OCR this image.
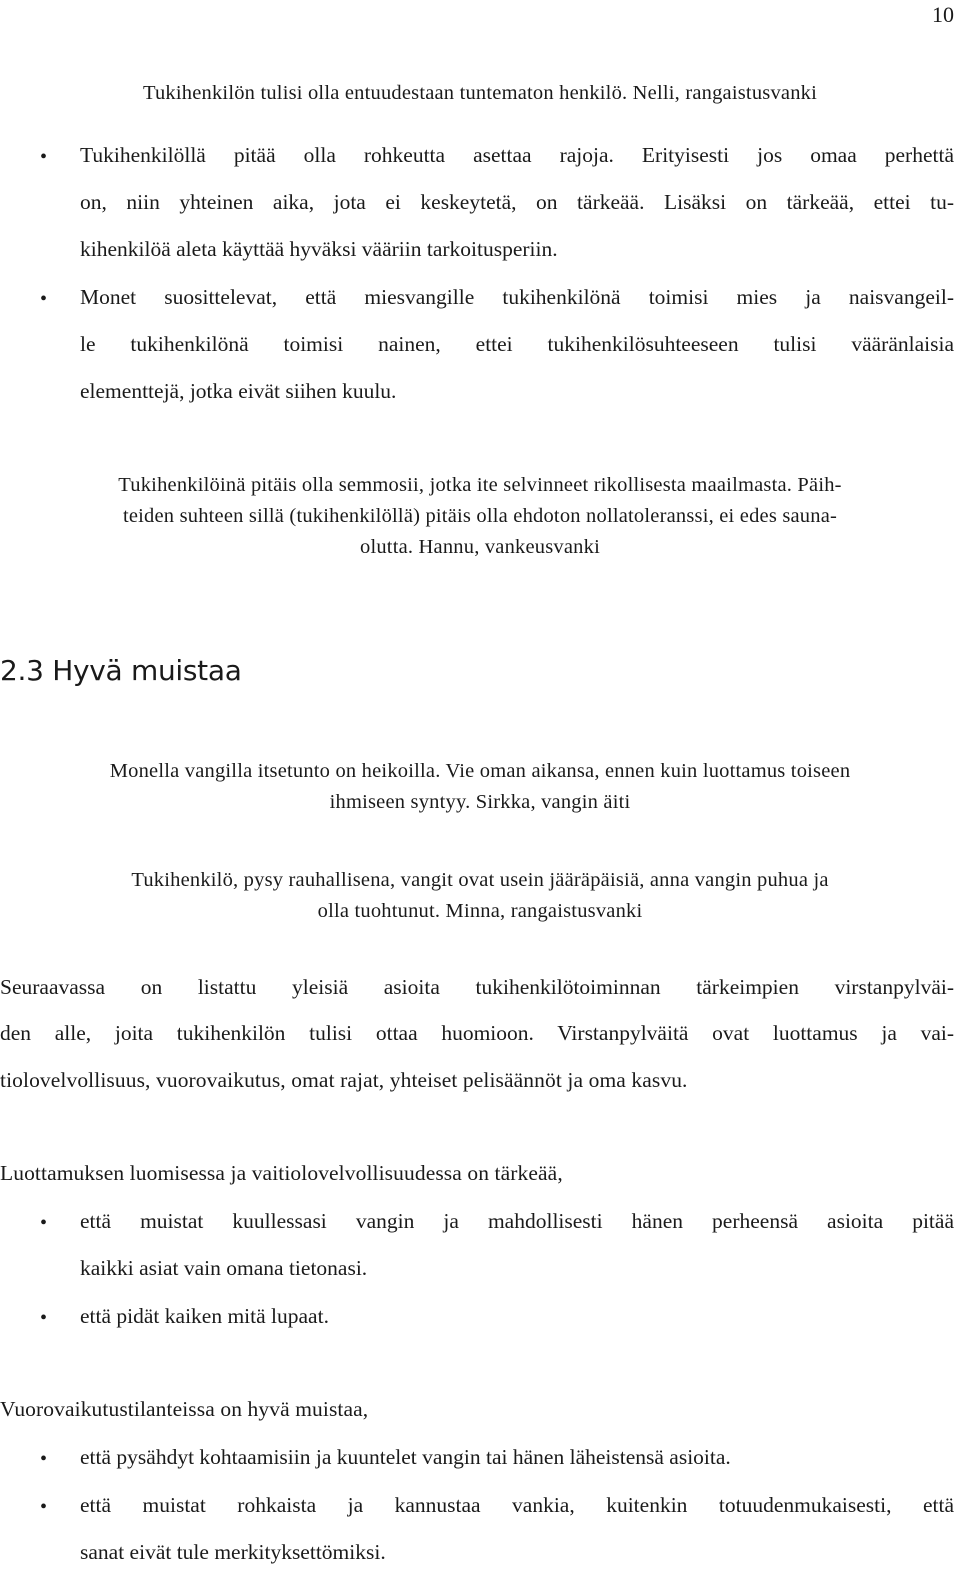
10
Tukihenkilön tulisi olla entuudestaan tuntematon henkilö. Nelli, rangaistusvanki
• Tukihenkilöllä pitää olla rohkeutta asettaa rajoja. Erityisesti jos omaa perhettä
on, niin yhteinen aika, jota ei keskeytetä, on tärkeää. Lisäksi on tärkeää, ettei tu-
kihenkilöä aleta käyttää hyväksi vääriin tarkoitusperiin.
• Monet suosittelevat, että miesvangille tukihenkilönä toimisi mies ja naisvangeil-
le tukihenkilönä toimisi nainen, ettei tukihenkilösuhteeseen tulisi vääränlaisia
elementtejä, jotka eivät siihen kuulu.
Tukihenkilöinä pitäis olla semmosii, jotka ite selvinneet rikollisesta maailmasta. Päih-
teiden suhteen sillä (tukihenkilöllä) pitäis olla ehdoton nollatoleranssi, ei edes sauna-
olutta. Hannu, vankeusvanki
2.3 Hyvä muistaa
Monella vangilla itsetunto on heikoilla. Vie oman aikansa, ennen kuin luottamus toiseen
ihmiseen syntyy. Sirkka, vangin äiti
Tukihenkilö, pysy rauhallisena, vangit ovat usein jääräpäisiä, anna vangin puhua ja
olla tuohtunut. Minna, rangaistusvanki
Seuraavassa on listattu yleisiä asioita tukihenkilötoiminnan tärkeimpien virstanpylväi-
den alle, joita tukihenkilön tulisi ottaa huomioon. Virstanpylväitä ovat luottamus ja vai-
tiolovelvollisuus, vuorovaikutus, omat rajat, yhteiset pelisäännöt ja oma kasvu.
Luottamuksen luomisessa ja vaitiolovelvollisuudessa on tärkeää,
• että muistat kuullessasi vangin ja mahdollisesti hänen perheensä asioita pitää
kaikki asiat vain omana tietonasi.
• että pidät kaiken mitä lupaat.
Vuorovaikutustilanteissa on hyvä muistaa,
• että pysähdyt kohtaamisiin ja kuuntelet vangin tai hänen läheistensä asioita.
• että muistat rohkaista ja kannustaa vankia, kuitenkin totuudenmukaisesti, että
sanat eivät tule merkityksettömiksi.
